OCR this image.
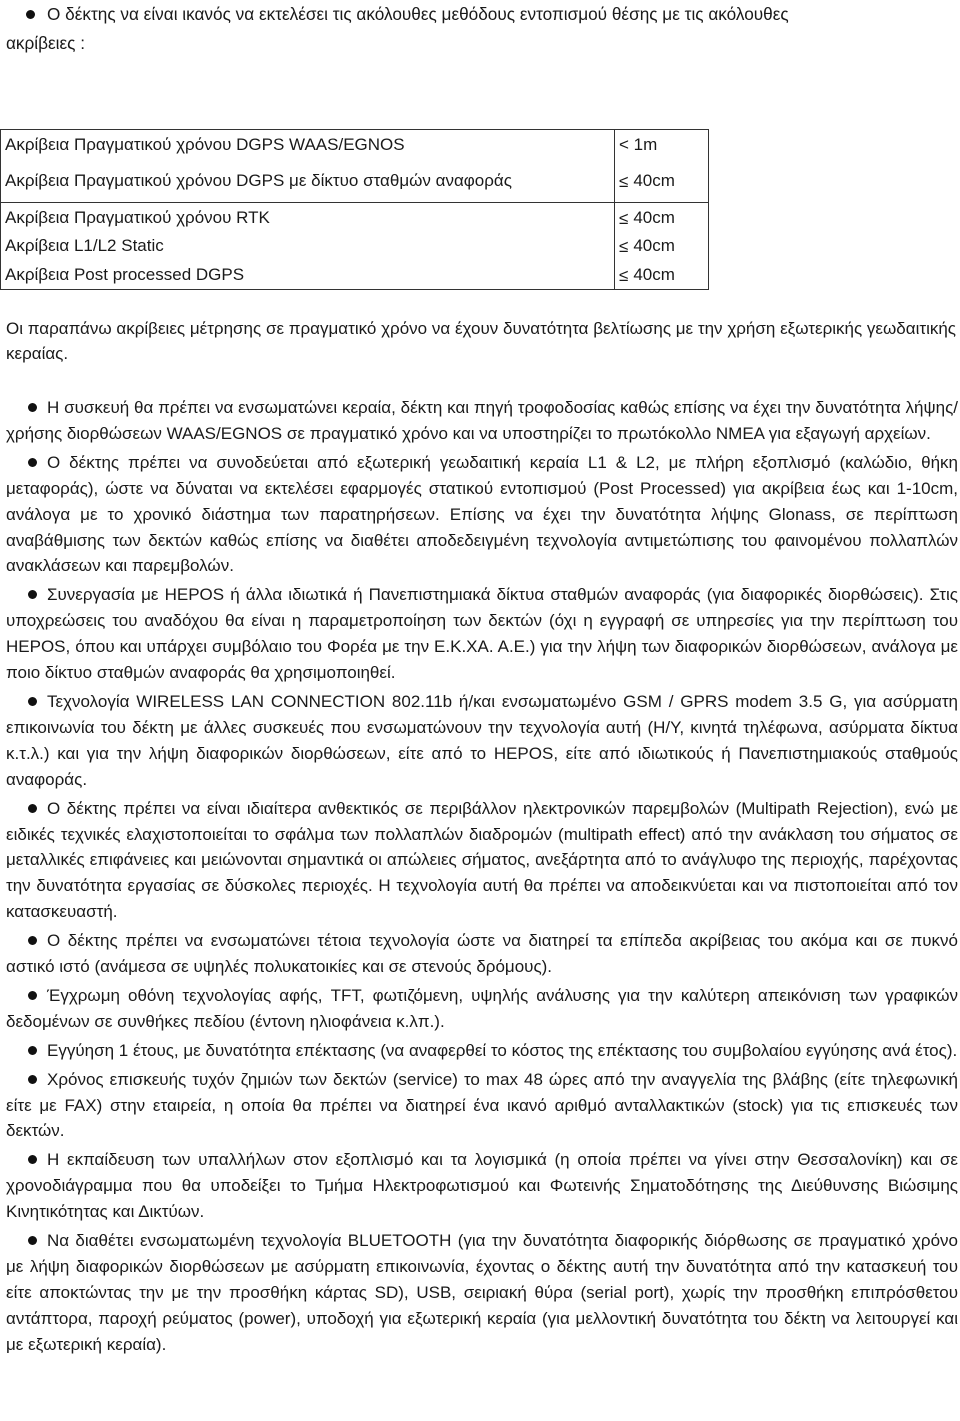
Ο δέκτης να είναι ικανός να εκτελέσει τις ακόλουθες μεθόδους εντοπισμού θέσης με τις ακόλουθες
ακρίβειες :
Ακρίβεια Πραγματικού χρόνου DGPS WAAS/EGNOS	< 1m
Ακρίβεια Πραγματικού χρόνου DGPS με δίκτυο σταθμών αναφοράς	≤ 40cm
Ακρίβεια Πραγματικού χρόνου RTK	≤ 40cm
Ακρίβεια L1/L2 Static	≤ 40cm
Ακρίβεια Post processed DGPS	≤ 40cm
Οι παραπάνω ακρίβειες μέτρησης σε πραγματικό χρόνο να έχουν δυνατότητα βελτίωσης με την χρήση εξωτερικής γεωδαιτικής κεραίας.

Η συσκευή θα πρέπει να ενσωματώνει κεραία, δέκτη και πηγή τροφοδοσίας καθώς επίσης να έχει την δυνατότητα λήψης/χρήσης διορθώσεων WAAS/EGNOS σε πραγματικό χρόνο και να υποστηρίζει το πρωτόκολλο NMEA για εξαγωγή αρχείων.

Ο δέκτης πρέπει να συνοδεύεται από εξωτερική γεωδαιτική κεραία L1 & L2, με πλήρη εξοπλισμό (καλώδιο, θήκη μεταφοράς), ώστε να δύναται να εκτελέσει εφαρμογές στατικού εντοπισμού (Post Processed) για ακρίβεια έως και 1-10cm, ανάλογα με το χρονικό διάστημα των παρατηρήσεων. Επίσης να έχει την δυνατότητα λήψης Glonass, σε περίπτωση αναβάθμισης των δεκτών καθώς επίσης να διαθέτει αποδεδειγμένη τεχνολογία αντιμετώπισης του φαινομένου πολλαπλών ανακλάσεων και παρεμβολών.

Συνεργασία με HEPOS ή άλλα ιδιωτικά ή Πανεπιστημιακά δίκτυα σταθμών αναφοράς (για διαφορικές διορθώσεις). Στις υποχρεώσεις του αναδόχου θα είναι η παραμετροποίηση των δεκτών (όχι η εγγραφή σε υπηρεσίες για την περίπτωση του HEPOS, όπου και υπάρχει συμβόλαιο του Φορέα με την Ε.Κ.ΧΑ. Α.Ε.) για την λήψη των διαφορικών διορθώσεων, ανάλογα με ποιο δίκτυο σταθμών αναφοράς θα χρησιμοποιηθεί.

Τεχνολογία WIRELESS LAN CONNECTION 802.11b ή/και ενσωματωμένο GSM / GPRS modem 3.5 G, για ασύρματη επικοινωνία του δέκτη με άλλες συσκευές που ενσωματώνουν την τεχνολογία αυτή (Η/Υ, κινητά τηλέφωνα, ασύρματα δίκτυα κ.τ.λ.) και για την λήψη διαφορικών διορθώσεων, είτε από το HEPOS, είτε από ιδιωτικούς ή Πανεπιστημιακούς σταθμούς αναφοράς.

Ο δέκτης πρέπει να είναι ιδιαίτερα ανθεκτικός σε περιβάλλον ηλεκτρονικών παρεμβολών (Multipath Rejection), ενώ με ειδικές τεχνικές ελαχιστοποιείται το σφάλμα των πολλαπλών διαδρομών (multipath effect) από την ανάκλαση του σήματος σε μεταλλικές επιφάνειες και μειώνονται σημαντικά οι απώλειες σήματος, ανεξάρτητα από το ανάγλυφο της περιοχής, παρέχοντας την δυνατότητα εργασίας σε δύσκολες περιοχές. Η τεχνολογία αυτή θα πρέπει να αποδεικνύεται και να πιστοποιείται από τον κατασκευαστή.

Ο δέκτης πρέπει να ενσωματώνει τέτοια τεχνολογία ώστε να διατηρεί τα επίπεδα ακρίβειας του ακόμα και σε πυκνό αστικό ιστό (ανάμεσα σε υψηλές πολυκατοικίες και σε στενούς δρόμους).

Έγχρωμη οθόνη τεχνολογίας αφής, TFT, φωτιζόμενη, υψηλής ανάλυσης για την καλύτερη απεικόνιση των γραφικών δεδομένων σε συνθήκες πεδίου (έντονη ηλιοφάνεια κ.λπ.).

Εγγύηση 1 έτους, με δυνατότητα επέκτασης (να αναφερθεί το κόστος της επέκτασης του συμβολαίου εγγύησης ανά έτος).

Χρόνος επισκευής τυχόν ζημιών των δεκτών (service) το max 48 ώρες από την αναγγελία της βλάβης (είτε τηλεφωνική είτε με FAX) στην εταιρεία, η οποία θα πρέπει να διατηρεί ένα ικανό αριθμό ανταλλακτικών (stock) για τις επισκευές των δεκτών.

Η εκπαίδευση των υπαλλήλων στον εξοπλισμό και τα λογισμικά (η οποία πρέπει να γίνει στην Θεσσαλονίκη) και σε χρονοδιάγραμμα που θα υποδείξει το Τμήμα Ηλεκτροφωτισμού και Φωτεινής Σηματοδότησης της Διεύθυνσης Βιώσιμης Κινητικότητας και Δικτύων.

Να διαθέτει ενσωματωμένη τεχνολογία BLUETOOTH (για την δυνατότητα διαφορικής διόρθωσης σε πραγματικό χρόνο με λήψη διαφορικών διορθώσεων με ασύρματη επικοινωνία, έχοντας ο δέκτης αυτή την δυνατότητα από την κατασκευή του είτε αποκτώντας την με την προσθήκη κάρτας SD), USB, σειριακή θύρα (serial port), χωρίς την προσθήκη επιπρόσθετου αντάπτορα, παροχή ρεύματος (power), υποδοχή για εξωτερική κεραία (για μελλοντική δυνατότητα του δέκτη να λειτουργεί και με εξωτερική κεραία).
